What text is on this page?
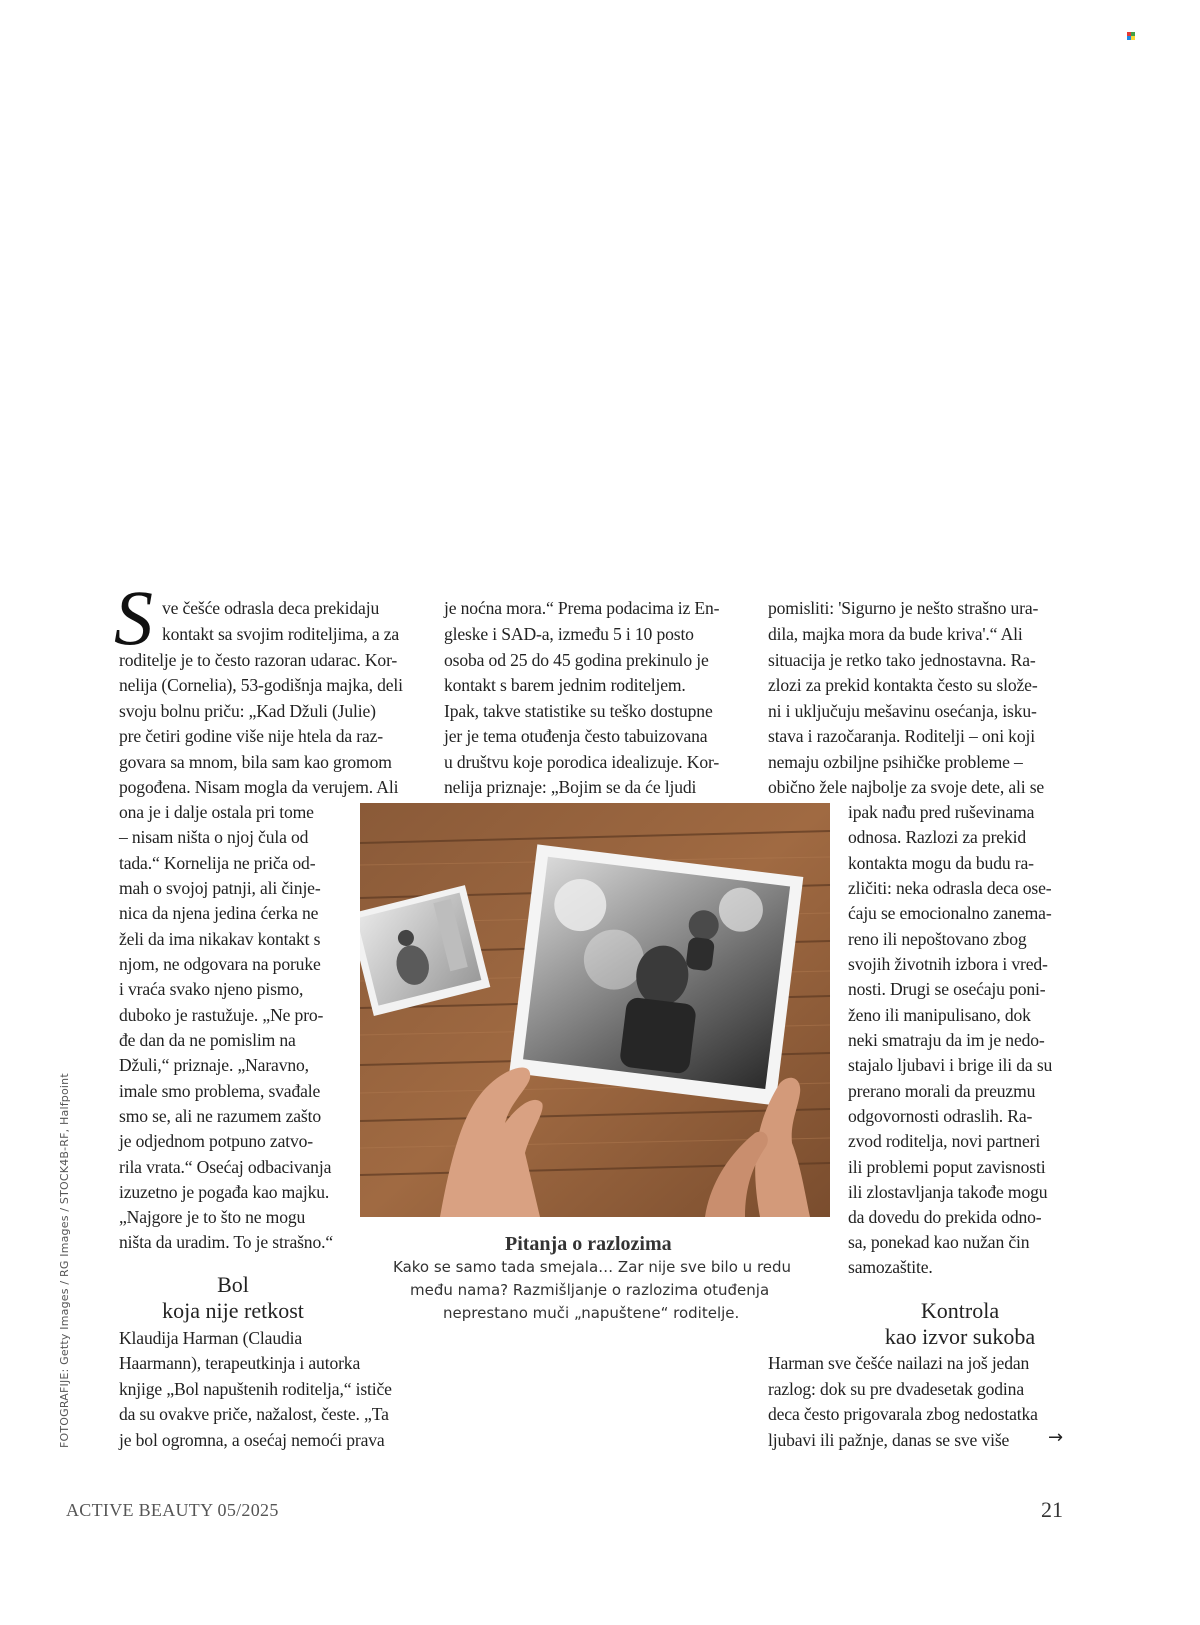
S ve češće odrasla deca prekidaju
kontakt sa svojim roditeljima, a za
roditelje je to često razoran udarac. Kor-
nelija (Cornelia), 53-godišnja majka, deli
svoju bolnu priču: „Kad Džuli (Julie)
pre četiri godine više nije htela da raz-
govara sa mnom, bila sam kao gromom
pogođena. Nisam mogla da verujem. Ali
ona je i dalje ostala pri tome
– nisam ništa o njoj čula od
tada.“ Kornelija ne priča od-
mah o svojoj patnji, ali činje-
nica da njena jedina ćerka ne
želi da ima nikakav kontakt s
njom, ne odgovara na poruke
i vraća svako njeno pismo,
duboko je rastužuje. „Ne pro-
đe dan da ne pomislim na
Džuli,“ priznaje. „Naravno,
imale smo problema, svađale
smo se, ali ne razumem zašto
je odjednom potpuno zatvo-
rila vrata.“ Osećaj odbacivanja
izuzetno je pogađa kao majku.
„Najgore je to što ne mogu
ništa da uradim. To je strašno.“
Bol
koja nije retkost
Klaudija Harman (Claudia
Haarmann), terapeutkinja i autorka
knjige „Bol napuštenih roditelja,“ ističe
da su ovakve priče, nažalost, česte. „Ta
je bol ogromna, a osećaj nemoći prava
je noćna mora.“ Prema podacima iz En-
gleske i SAD-a, između 5 i 10 posto
osoba od 25 do 45 godina prekinulo je
kontakt s barem jednim roditeljem.
Ipak, takve statistike su teško dostupne
jer je tema otuđenja često tabuizovana
u društvu koje porodica idealizuje. Kor-
nelija priznaje: „Bojim se da će ljudi
pomisliti: 'Sigurno je nešto strašno ura-
dila, majka mora da bude kriva'.“ Ali
situacija je retko tako jednostavna. Ra-
zlozi za prekid kontakta često su slože-
ni i uključuju mešavinu osećanja, isku-
stava i razočaranja. Roditelji – oni koji
nemaju ozbiljne psihičke probleme –
obično žele najbolje za svoje dete, ali se
ipak nađu pred ruševinama
odnosa. Razlozi za prekid
kontakta mogu da budu ra-
zličiti: neka odrasla deca ose-
ćaju se emocionalno zanema-
reno ili nepoštovano zbog
svojih životnih izbora i vred-
nosti. Drugi se osećaju poni-
ženo ili manipulisano, dok
neki smatraju da im je nedo-
stajalo ljubavi i brige ili da su
prerano morali da preuzmu
odgovornosti odraslih. Ra-
zvod roditelja, novi partneri
ili problemi poput zavisnosti
ili zlostavljanja takođe mogu
da dovedu do prekida odno-
sa, ponekad kao nužan čin
samozaštite.
Kontrola
kao izvor sukoba
Harman sve češće nailazi na još jedan
razlog: dok su pre dvadesetak godina
deca često prigovarala zbog nedostatka
ljubavi ili pažnje, danas se sve više →
Pitanja o razlozima
Kako se samo tada smejala… Zar nije sve bilo u redu
među nama? Razmišljanje o razlozima otuđenja
neprestano muči „napuštene“ roditelje.
FOTOGRAFIJE: Getty Images / RG Images / STOCK4B-RF, Halfpoint
ACTIVE BEAUTY 05/2025	21
